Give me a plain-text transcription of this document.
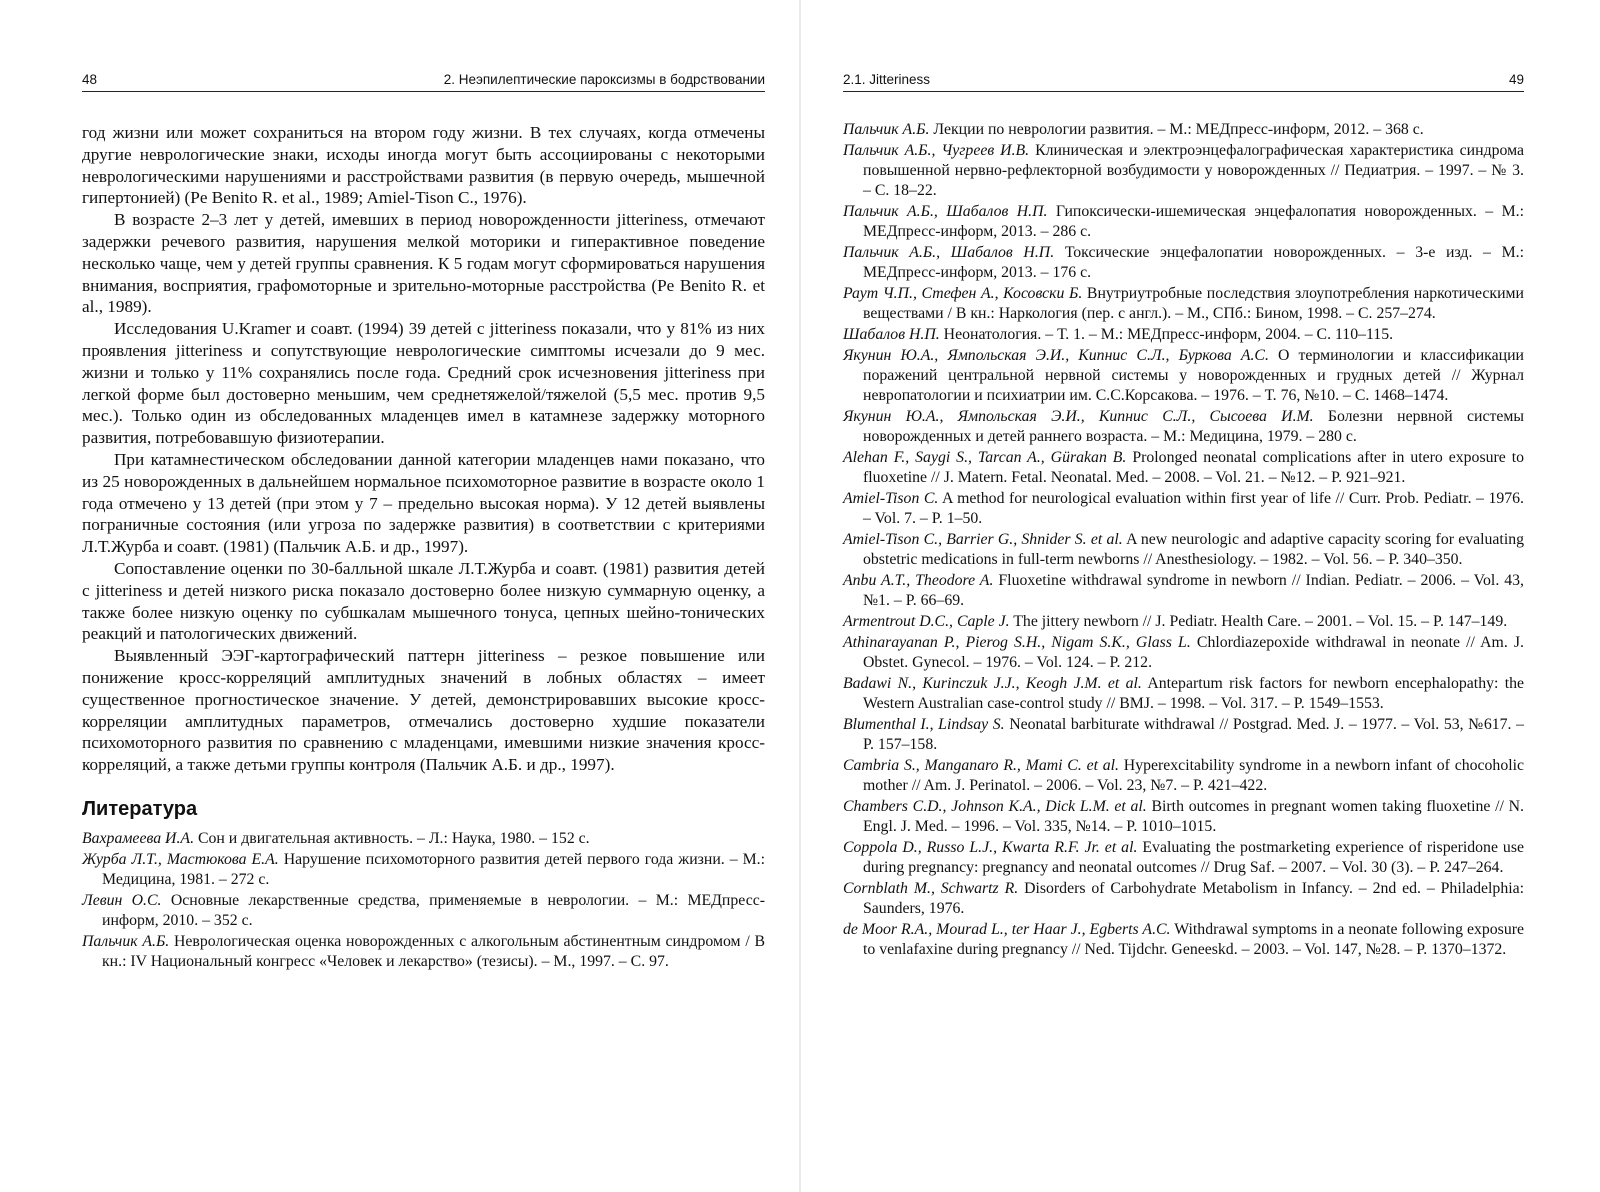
48	2. Неэпилептические пароксизмы в бодрствовании

год жизни или может сохраниться на втором году жизни. В тех случаях, когда отмечены другие неврологические знаки, исходы иногда могут быть ассоциированы с некоторыми неврологическими нарушениями и расстройствами развития (в первую очередь, мышечной гипертонией) (Pe Benito R. et al., 1989; Amiel-Tison C., 1976).

В возрасте 2–3 лет у детей, имевших в период новорожденности jitteriness, отмечают задержки речевого развития, нарушения мелкой моторики и гиперактивное поведение несколько чаще, чем у детей группы сравнения. К 5 годам могут сформироваться нарушения внимания, восприятия, графомоторные и зрительно-моторные расстройства (Pe Benito R. et al., 1989).

Исследования U.Kramer и соавт. (1994) 39 детей с jitteriness показали, что у 81% из них проявления jitteriness и сопутствующие неврологические симптомы исчезали до 9 мес. жизни и только у 11% сохранялись после года. Средний срок исчезновения jitteriness при легкой форме был достоверно меньшим, чем среднетяжелой/тяжелой (5,5 мес. против 9,5 мес.). Только один из обследованных младенцев имел в катамнезе задержку моторного развития, потребовавшую физиотерапии.

При катамнестическом обследовании данной категории младенцев нами показано, что из 25 новорожденных в дальнейшем нормальное психомоторное развитие в возрасте около 1 года отмечено у 13 детей (при этом у 7 – предельно высокая норма). У 12 детей выявлены пограничные состояния (или угроза по задержке развития) в соответствии с критериями Л.Т.Журба и соавт. (1981) (Пальчик А.Б. и др., 1997).

Сопоставление оценки по 30-балльной шкале Л.Т.Журба и соавт. (1981) развития детей с jitteriness и детей низкого риска показало достоверно более низкую суммарную оценку, а также более низкую оценку по субшкалам мышечного тонуса, цепных шейно-тонических реакций и патологических движений.

Выявленный ЭЭГ-картографический паттерн jitteriness – резкое повышение или понижение кросс-корреляций амплитудных значений в лобных областях – имеет существенное прогностическое значение. У детей, демонстрировавших высокие кросс-корреляции амплитудных параметров, отмечались достоверно худшие показатели психомоторного развития по сравнению с младенцами, имевшими низкие значения кросс-корреляций, а также детьми группы контроля (Пальчик А.Б. и др., 1997).

Литература

Вахрамеева И.А. Сон и двигательная активность. – Л.: Наука, 1980. – 152 с.

Журба Л.Т., Мастюкова Е.А. Нарушение психомоторного развития детей первого года жизни. – М.: Медицина, 1981. – 272 с.

Левин О.С. Основные лекарственные средства, применяемые в неврологии. – М.: МЕДпресс-информ, 2010. – 352 с.

Пальчик А.Б. Неврологическая оценка новорожденных с алкогольным абстинентным синдромом / В кн.: IV Национальный конгресс «Человек и лекарство» (тезисы). – М., 1997. – С. 97.

2.1. Jitteriness	49

Пальчик А.Б. Лекции по неврологии развития. – М.: МЕДпресс-информ, 2012. – 368 с.

Пальчик А.Б., Чугреев И.В. Клиническая и электроэнцефалографическая характеристика синдрома повышенной нервно-рефлекторной возбудимости у новорожденных // Педиатрия. – 1997. – № 3. – С. 18–22.

Пальчик А.Б., Шабалов Н.П. Гипоксически-ишемическая энцефалопатия новорожденных. – М.: МЕДпресс-информ, 2013. – 286 с.

Пальчик А.Б., Шабалов Н.П. Токсические энцефалопатии новорожденных. – 3-е изд. – М.: МЕДпресс-информ, 2013. – 176 с.

Раут Ч.П., Стефен А., Косовски Б. Внутриутробные последствия злоупотребления наркотическими веществами / В кн.: Наркология (пер. с англ.). – М., СПб.: Бином, 1998. – С. 257–274.

Шабалов Н.П. Неонатология. – Т. 1. – М.: МЕДпресс-информ, 2004. – С. 110–115.

Якунин Ю.А., Ямпольская Э.И., Кипнис С.Л., Буркова А.С. О терминологии и классификации поражений центральной нервной системы у новорожденных и грудных детей // Журнал невропатологии и психиатрии им. С.С.Корсакова. – 1976. – Т. 76, №10. – С. 1468–1474.

Якунин Ю.А., Ямпольская Э.И., Кипнис С.Л., Сысоева И.М. Болезни нервной системы новорожденных и детей раннего возраста. – М.: Медицина, 1979. – 280 с.

Alehan F., Saygi S., Tarcan A., Gürakan B. Prolonged neonatal complications after in utero exposure to fluoxetine // J. Matern. Fetal. Neonatal. Med. – 2008. – Vol. 21. – №12. – P. 921–921.

Amiel-Tison C. A method for neurological evaluation within first year of life // Curr. Prob. Pediatr. – 1976. – Vol. 7. – P. 1–50.

Amiel-Tison C., Barrier G., Shnider S. et al. A new neurologic and adaptive capacity scoring for evaluating obstetric medications in full-term newborns // Anesthesiology. – 1982. – Vol. 56. – P. 340–350.

Anbu A.T., Theodore A. Fluoxetine withdrawal syndrome in newborn // Indian. Pediatr. – 2006. – Vol. 43, №1. – P. 66–69.

Armentrout D.C., Caple J. The jittery newborn // J. Pediatr. Health Care. – 2001. – Vol. 15. – P. 147–149.

Athinarayanan P., Pierog S.H., Nigam S.K., Glass L. Chlordiazepoxide withdrawal in neonate // Am. J. Obstet. Gynecol. – 1976. – Vol. 124. – P. 212.

Badawi N., Kurinczuk J.J., Keogh J.M. et al. Antepartum risk factors for newborn encephalopathy: the Western Australian case-control study // BMJ. – 1998. – Vol. 317. – P. 1549–1553.

Blumenthal I., Lindsay S. Neonatal barbiturate withdrawal // Postgrad. Med. J. – 1977. – Vol. 53, №617. – P. 157–158.

Cambria S., Manganaro R., Mami C. et al. Hyperexcitability syndrome in a newborn infant of chocoholic mother // Am. J. Perinatol. – 2006. – Vol. 23, №7. – P. 421–422.

Chambers C.D., Johnson K.A., Dick L.M. et al. Birth outcomes in pregnant women taking fluoxetine // N. Engl. J. Med. – 1996. – Vol. 335, №14. – P. 1010–1015.

Coppola D., Russo L.J., Kwarta R.F. Jr. et al. Evaluating the postmarketing experience of risperidone use during pregnancy: pregnancy and neonatal outcomes // Drug Saf. – 2007. – Vol. 30 (3). – P. 247–264.

Cornblath M., Schwartz R. Disorders of Carbohydrate Metabolism in Infancy. – 2nd ed. – Philadelphia: Saunders, 1976.

de Moor R.A., Mourad L., ter Haar J., Egberts A.C. Withdrawal symptoms in a neonate following exposure to venlafaxine during pregnancy // Ned. Tijdchr. Geneeskd. – 2003. – Vol. 147, №28. – P. 1370–1372.
